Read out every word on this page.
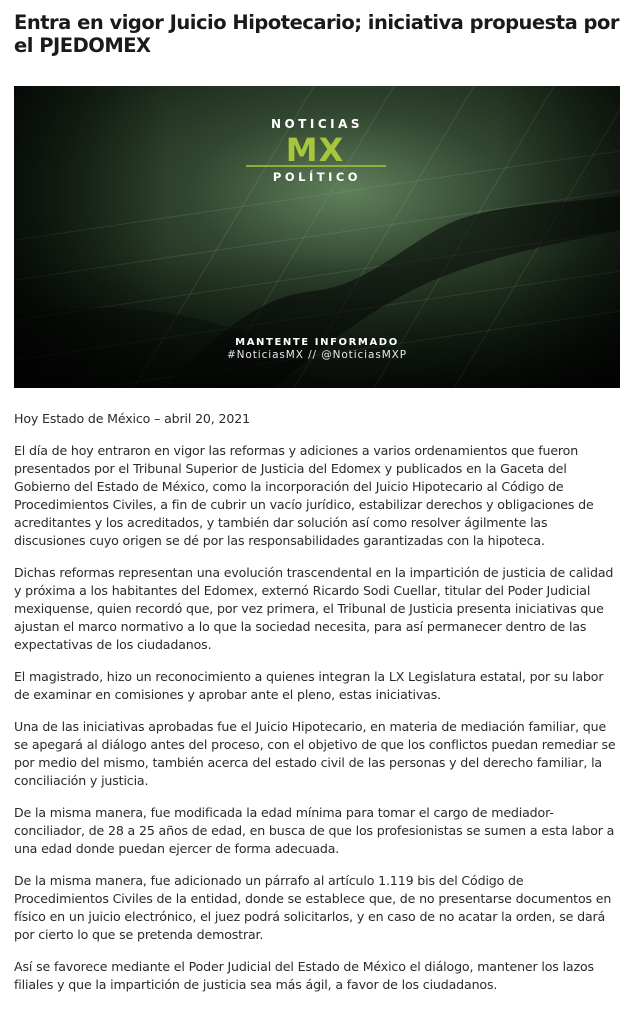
Entra en vigor Juicio Hipotecario; iniciativa propuesta por el PJEDOMEX
NOTICIAS
MX
POLÍTICO
MANTENTE INFORMADO
#NoticiasMX // @NoticiasMXP

Hoy Estado de México – abril 20, 2021

El día de hoy entraron en vigor las reformas y adiciones a varios ordenamientos que fueron presentados por el Tribunal Superior de Justicia del Edomex y publicados en la Gaceta del Gobierno del Estado de México, como la incorporación del Juicio Hipotecario al Código de Procedimientos Civiles, a fin de cubrir un vacío jurídico, estabilizar derechos y obligaciones de acreditantes y los acreditados, y también dar solución así como resolver ágilmente las discusiones cuyo origen se dé por las responsabilidades garantizadas con la hipoteca.

Dichas reformas representan una evolución trascendental en la impartición de justicia de calidad y próxima a los habitantes del Edomex, externó Ricardo Sodi Cuellar, titular del Poder Judicial mexiquense, quien recordó que, por vez primera, el Tribunal de Justicia presenta iniciativas que ajustan el marco normativo a lo que la sociedad necesita, para así permanecer dentro de las expectativas de los ciudadanos.

El magistrado, hizo un reconocimiento a quienes integran la LX Legislatura estatal, por su labor de examinar en comisiones y aprobar ante el pleno, estas iniciativas.

Una de las iniciativas aprobadas fue el Juicio Hipotecario, en materia de mediación familiar, que se apegará al diálogo antes del proceso, con el objetivo de que los conflictos puedan remediar se por medio del mismo, también acerca del estado civil de las personas y del derecho familiar, la conciliación y justicia.

De la misma manera, fue modificada la edad mínima para tomar el cargo de mediador-conciliador, de 28 a 25 años de edad, en busca de que los profesionistas se sumen a esta labor a una edad donde puedan ejercer de forma adecuada.

De la misma manera, fue adicionado un párrafo al artículo 1.119 bis del Código de Procedimientos Civiles de la entidad, donde se establece que, de no presentarse documentos en físico en un juicio electrónico, el juez podrá solicitarlos, y en caso de no acatar la orden, se dará por cierto lo que se pretenda demostrar.

Así se favorece mediante el Poder Judicial del Estado de México el diálogo, mantener los lazos filiales y que la impartición de justicia sea más ágil, a favor de los ciudadanos.
